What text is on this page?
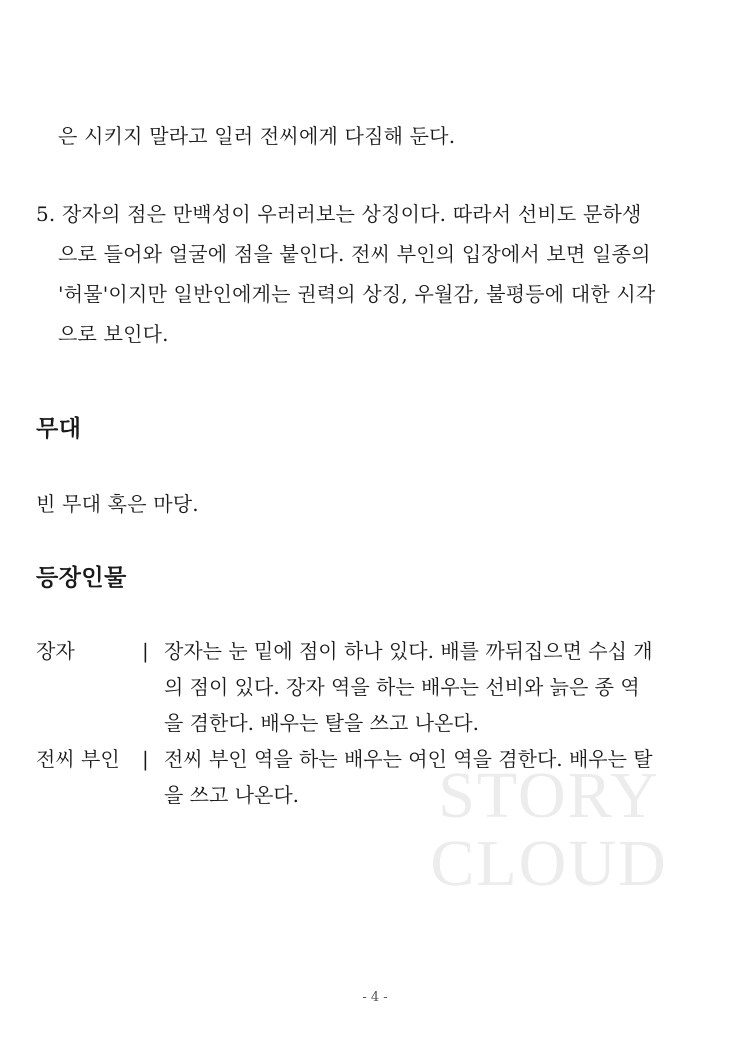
은 시키지 말라고 일러 전씨에게 다짐해 둔다.
5. 장자의 점은 만백성이 우러러보는 상징이다. 따라서 선비도 문하생
으로 들어와 얼굴에 점을 붙인다. 전씨 부인의 입장에서 보면 일종의
'허물'이지만 일반인에게는 권력의 상징, 우월감, 불평등에 대한 시각
으로 보인다.
무대
빈 무대 혹은 마당.
등장인물
장자	| 장자는 눈 밑에 점이 하나 있다. 배를 까뒤집으면 수십 개
의 점이 있다. 장자 역을 하는 배우는 선비와 늙은 종 역
을 겸한다. 배우는 탈을 쓰고 나온다.
전씨 부인	| 전씨 부인 역을 하는 배우는 여인 역을 겸한다. 배우는 탈
을 쓰고 나온다.	STORY
CLOUD
- 4 -
